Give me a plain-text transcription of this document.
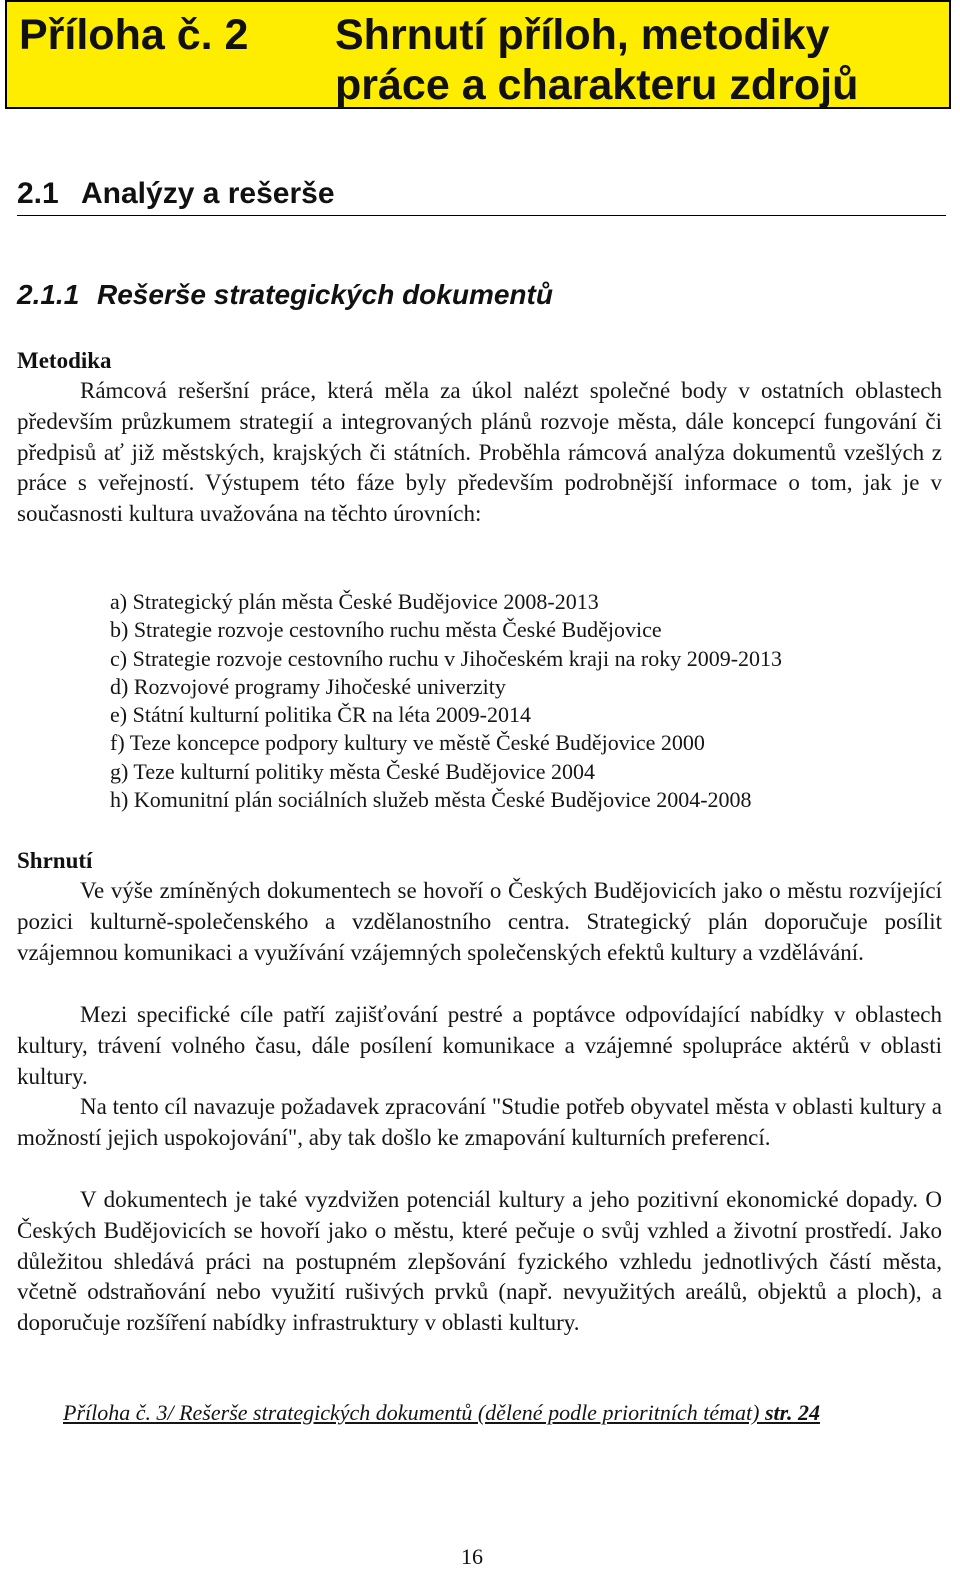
Příloha č. 2 Shrnutí příloh, metodiky
práce a charakteru zdrojů
2.1 Analýzy a rešerše
2.1.1 Rešerše strategických dokumentů
Metodika
Rámcová rešeršní práce, která měla za úkol nalézt společné body v ostatních oblastech především průzkumem strategií a integrovaných plánů rozvoje města, dále koncepcí fungování či předpisů ať již městských, krajských či státních. Proběhla rámcová analýza dokumentů vzešlých z práce s veřejností. Výstupem této fáze byly především podrobnější informace o tom, jak je v současnosti kultura uvažována na těchto úrovních:
a) Strategický plán města České Budějovice 2008-2013
b) Strategie rozvoje cestovního ruchu města České Budějovice
c) Strategie rozvoje cestovního ruchu v Jihočeském kraji na roky 2009-2013
d) Rozvojové programy Jihočeské univerzity
e) Státní kulturní politika ČR na léta 2009-2014
f) Teze koncepce podpory kultury ve městě České Budějovice 2000
g) Teze kulturní politiky města České Budějovice 2004
h) Komunitní plán sociálních služeb města České Budějovice 2004-2008
Shrnutí
Ve výše zmíněných dokumentech se hovoří o Českých Budějovicích jako o městu rozvíjející pozici kulturně-společenského a vzdělanostního centra. Strategický plán doporučuje posílit vzájemnou komunikaci a využívání vzájemných společenských efektů kultury a vzdělávání.
Mezi specifické cíle patří zajišťování pestré a poptávce odpovídající nabídky v oblastech kultury, trávení volného času, dále posílení komunikace a vzájemné spolupráce aktérů v oblasti kultury.
Na tento cíl navazuje požadavek zpracování "Studie potřeb obyvatel města v oblasti kultury a možností jejich uspokojování", aby tak došlo ke zmapování kulturních preferencí.
V dokumentech je také vyzdvižen potenciál kultury a jeho pozitivní ekonomické dopady. O Českých Budějovicích se hovoří jako o městu, které pečuje o svůj vzhled a životní prostředí. Jako důležitou shledává práci na postupném zlepšování fyzického vzhledu jednotlivých částí města, včetně odstraňování nebo využití rušivých prvků (např. nevyužitých areálů, objektů a ploch), a doporučuje rozšíření nabídky infrastruktury v oblasti kultury.
Příloha č. 3/ Rešerše strategických dokumentů (dělené podle prioritních témat) str. 24
16
